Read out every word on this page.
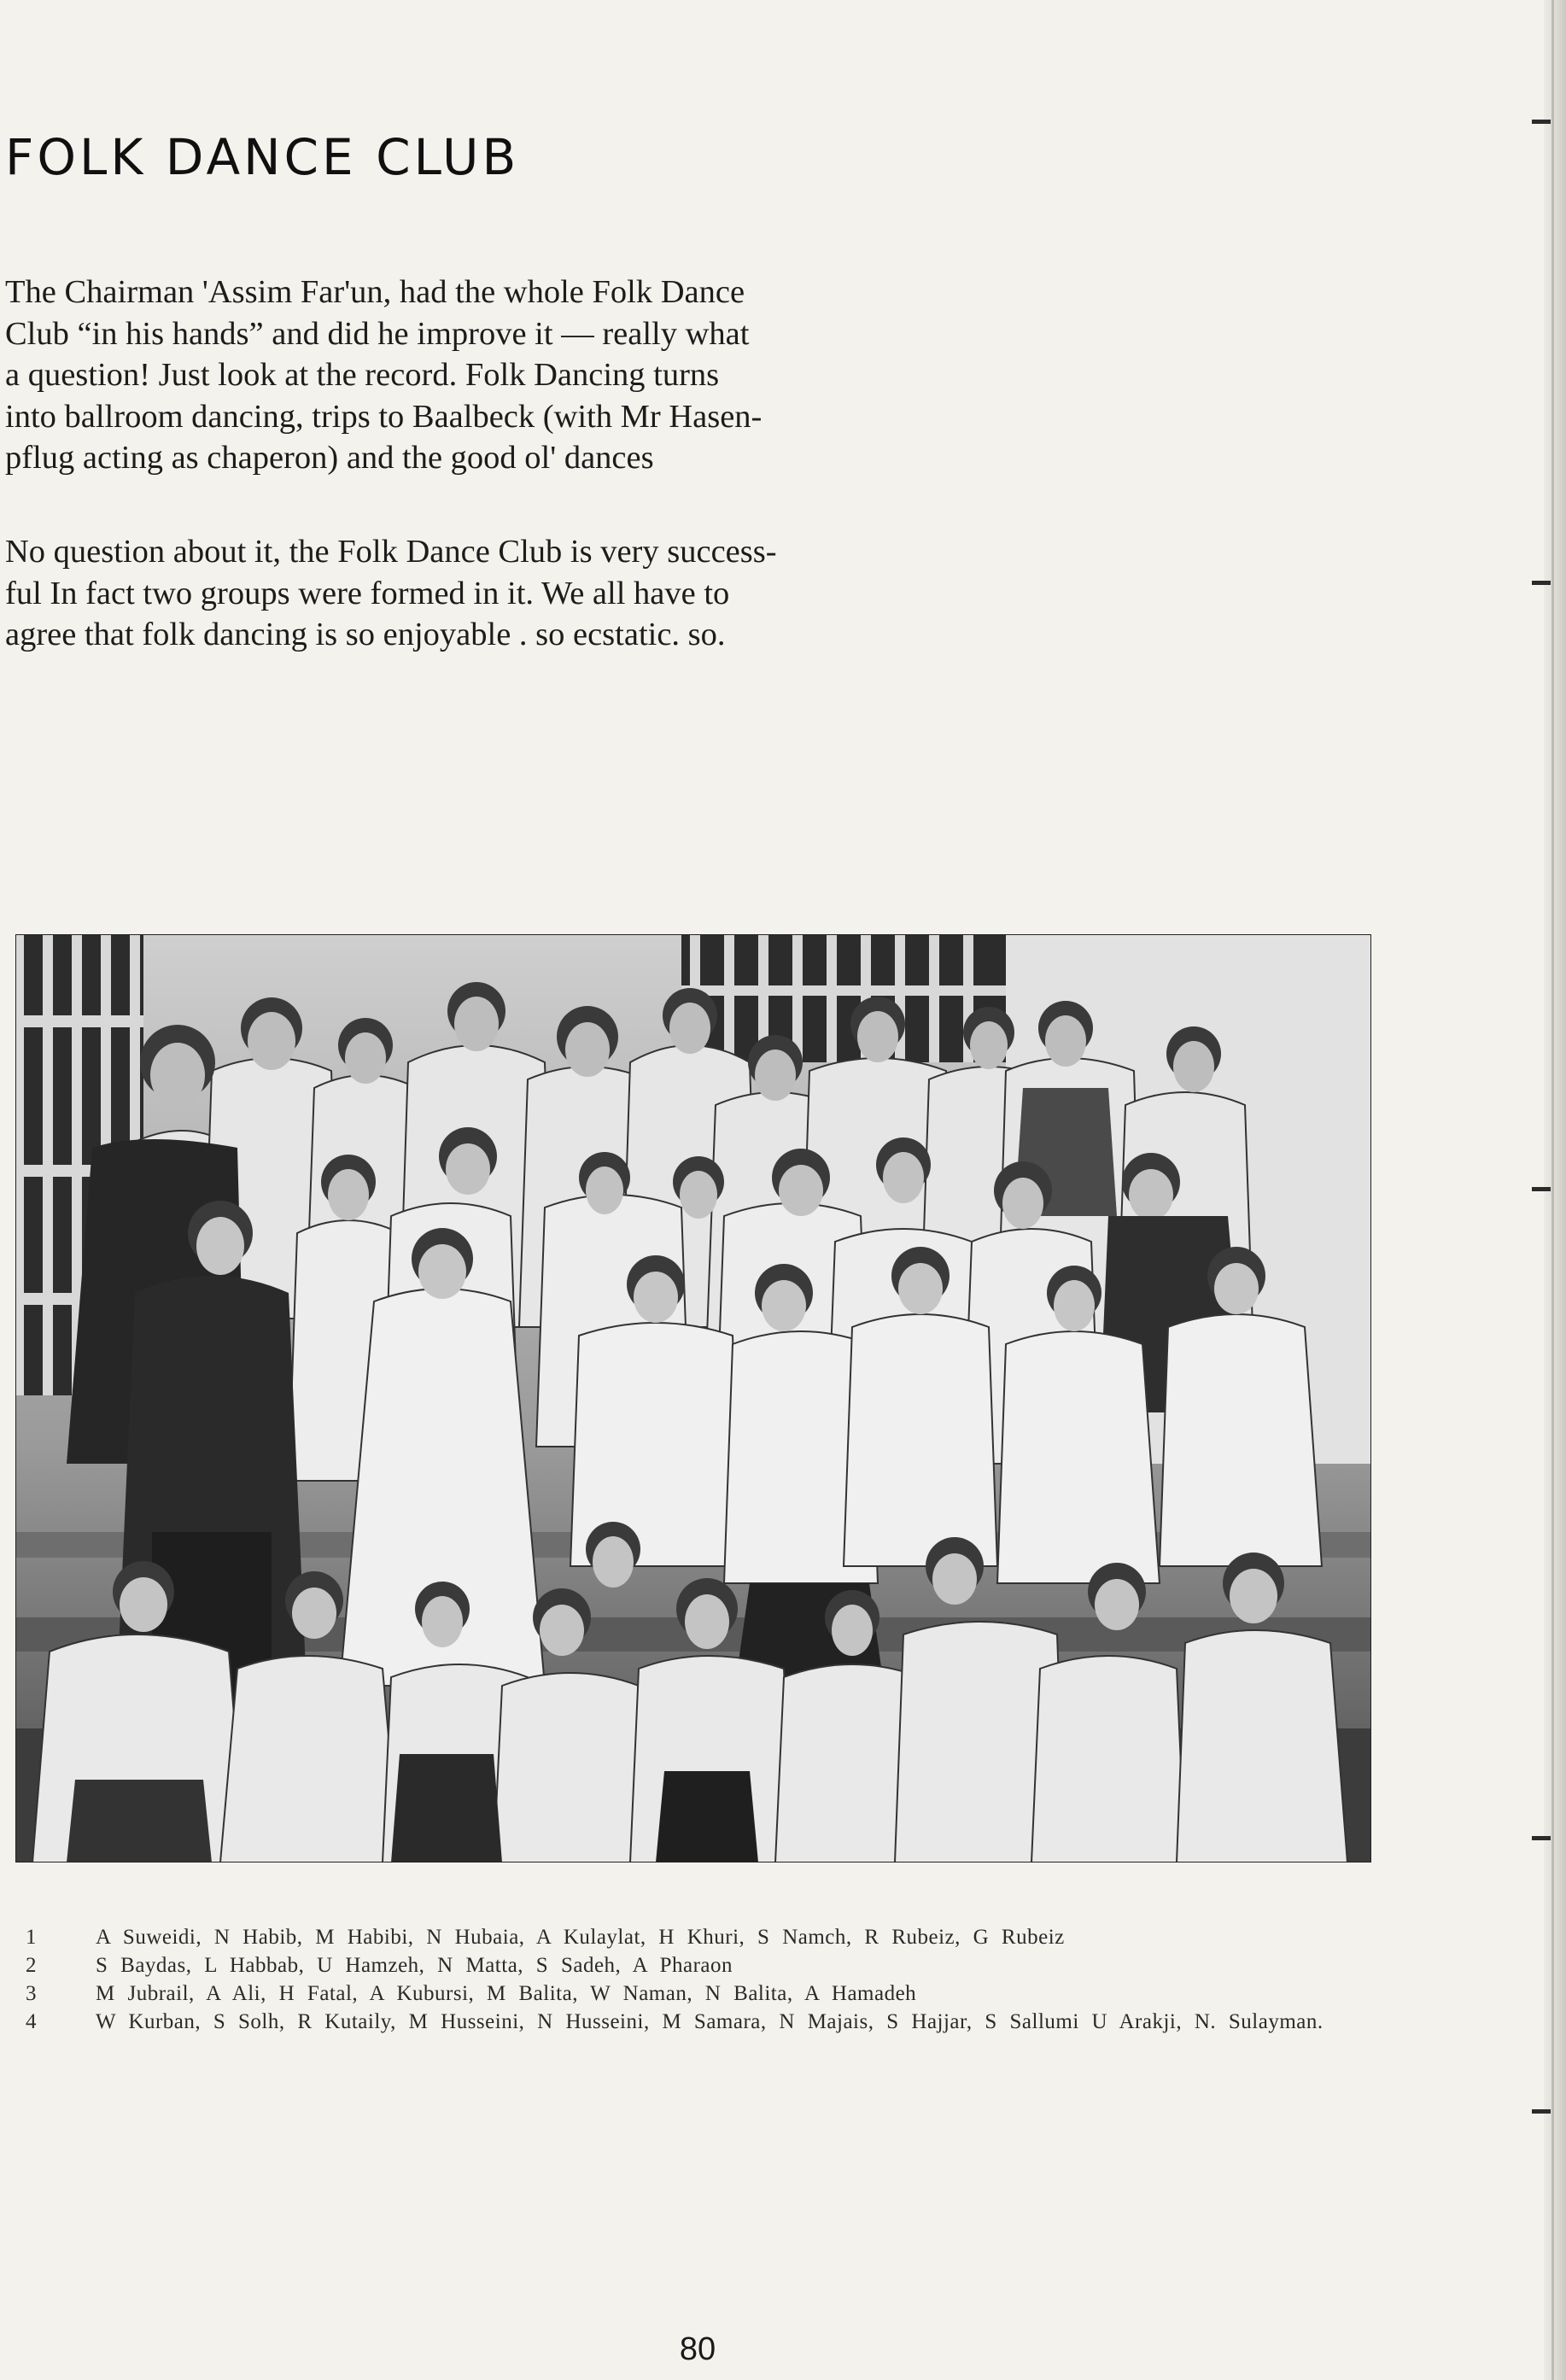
FOLK DANCE CLUB

The Chairman 'Assim Far'un, had the whole Folk Dance
Club “in his hands” and did he improve it — really what
a question! Just look at the record. Folk Dancing turns
into ballroom dancing, trips to Baalbeck (with Mr Hasen-
pflug acting as chaperon) and the good ol' dances

No question about it, the Folk Dance Club is very success-
ful In fact two groups were formed in it. We all have to
agree that folk dancing is so enjoyable . so ecstatic. so.

1	A Suweidi, N Habib, M Habibi, N Hubaia, A Kulaylat, H Khuri, S Namch, R Rubeiz, G Rubeiz
2	S Baydas, L Habbab, U Hamzeh, N Matta, S Sadeh, A Pharaon
3	M Jubrail, A Ali, H Fatal, A Kubursi, M Balita, W Naman, N Balita, A Hamadeh
4	W Kurban, S Solh, R Kutaily, M Husseini, N Husseini, M Samara, N Majais, S Hajjar, S Sallumi U Arakji, N. Sulayman.
80
